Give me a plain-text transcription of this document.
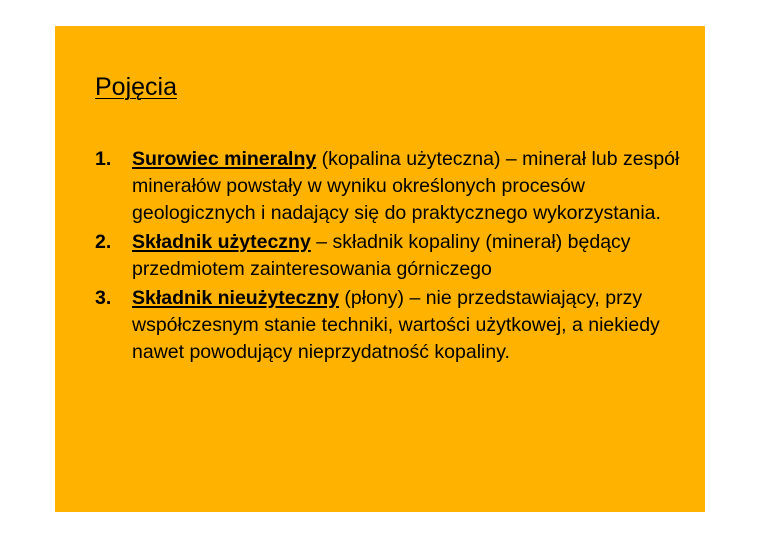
Pojęcia
1. Surowiec mineralny (kopalina użyteczna) – minerał lub zespół minerałów powstały w wyniku określonych procesów geologicznych i nadający się do praktycznego wykorzystania.
2. Składnik użyteczny – składnik kopaliny (minerał) będący przedmiotem zainteresowania górniczego
3. Składnik nieużyteczny (płony) – nie przedstawiający, przy współczesnym stanie techniki, wartości użytkowej, a niekiedy nawet powodujący nieprzydatność kopaliny.
